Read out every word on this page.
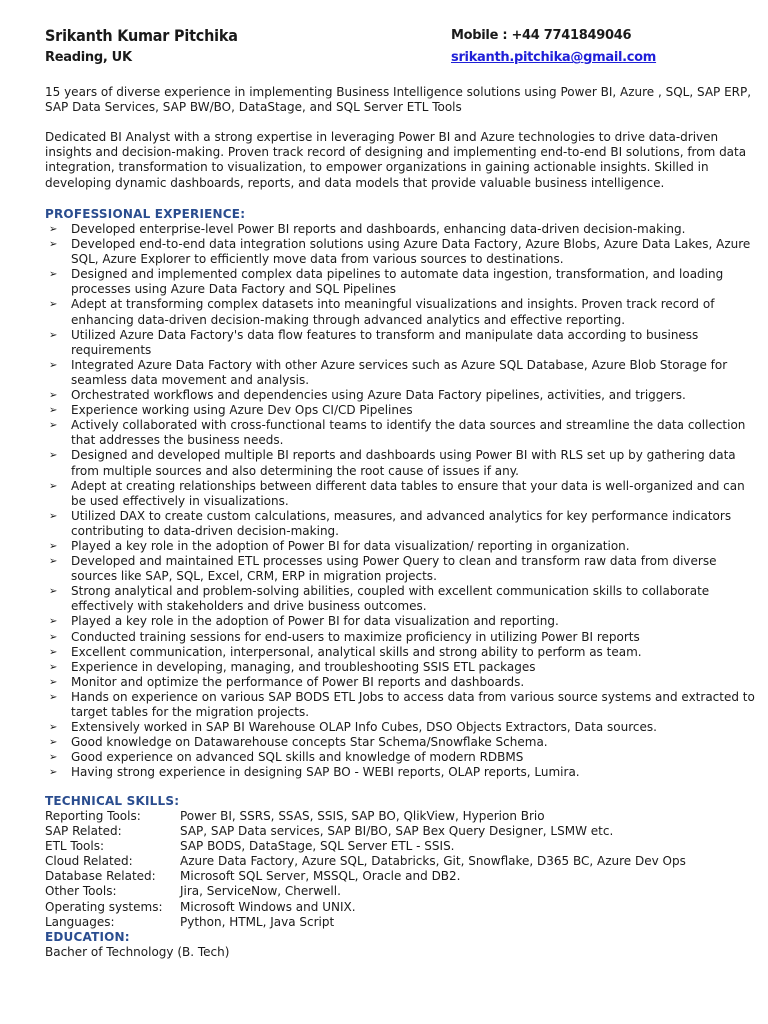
Srikanth Kumar Pitchika	Mobile : +44 7741849046
Reading, UK	srikanth.pitchika@gmail.com
15 years of diverse experience in implementing Business Intelligence solutions using Power BI, Azure , SQL, SAP ERP, SAP Data Services, SAP BW/BO, DataStage, and SQL Server ETL Tools
Dedicated BI Analyst with a strong expertise in leveraging Power BI and Azure technologies to drive data-driven insights and decision-making. Proven track record of designing and implementing end-to-end BI solutions, from data integration, transformation to visualization, to empower organizations in gaining actionable insights. Skilled in developing dynamic dashboards, reports, and data models that provide valuable business intelligence.
PROFESSIONAL EXPERIENCE:
➢ Developed enterprise-level Power BI reports and dashboards, enhancing data-driven decision-making.
➢ Developed end-to-end data integration solutions using Azure Data Factory, Azure Blobs, Azure Data Lakes, Azure SQL, Azure Explorer to efficiently move data from various sources to destinations.
➢ Designed and implemented complex data pipelines to automate data ingestion, transformation, and loading processes using Azure Data Factory and SQL Pipelines
➢ Adept at transforming complex datasets into meaningful visualizations and insights. Proven track record of enhancing data-driven decision-making through advanced analytics and effective reporting.
➢ Utilized Azure Data Factory's data flow features to transform and manipulate data according to business requirements
➢ Integrated Azure Data Factory with other Azure services such as Azure SQL Database, Azure Blob Storage for seamless data movement and analysis.
➢ Orchestrated workflows and dependencies using Azure Data Factory pipelines, activities, and triggers.
➢ Experience working using Azure Dev Ops CI/CD Pipelines
➢ Actively collaborated with cross-functional teams to identify the data sources and streamline the data collection that addresses the business needs.
➢ Designed and developed multiple BI reports and dashboards using Power BI with RLS set up by gathering data from multiple sources and also determining the root cause of issues if any.
➢ Adept at creating relationships between different data tables to ensure that your data is well-organized and can be used effectively in visualizations.
➢ Utilized DAX to create custom calculations, measures, and advanced analytics for key performance indicators contributing to data-driven decision-making.
➢ Played a key role in the adoption of Power BI for data visualization/ reporting in organization.
➢ Developed and maintained ETL processes using Power Query to clean and transform raw data from diverse sources like SAP, SQL, Excel, CRM, ERP in migration projects.
➢ Strong analytical and problem-solving abilities, coupled with excellent communication skills to collaborate effectively with stakeholders and drive business outcomes.
➢ Played a key role in the adoption of Power BI for data visualization and reporting.
➢ Conducted training sessions for end-users to maximize proficiency in utilizing Power BI reports
➢ Excellent communication, interpersonal, analytical skills and strong ability to perform as team.
➢ Experience in developing, managing, and troubleshooting SSIS ETL packages
➢ Monitor and optimize the performance of Power BI reports and dashboards.
➢ Hands on experience on various SAP BODS ETL Jobs to access data from various source systems and extracted to target tables for the migration projects.
➢ Extensively worked in SAP BI Warehouse OLAP Info Cubes, DSO Objects Extractors, Data sources.
➢ Good knowledge on Datawarehouse concepts Star Schema/Snowflake Schema.
➢ Good experience on advanced SQL skills and knowledge of modern RDBMS
➢ Having strong experience in designing SAP BO - WEBI reports, OLAP reports, Lumira.
TECHNICAL SKILLS:
Reporting Tools:	Power BI, SSRS, SSAS, SSIS, SAP BO, QlikView, Hyperion Brio
SAP Related:	SAP, SAP Data services, SAP BI/BO, SAP Bex Query Designer, LSMW etc.
ETL Tools:	SAP BODS, DataStage, SQL Server ETL - SSIS.
Cloud Related:	Azure Data Factory, Azure SQL, Databricks, Git, Snowflake, D365 BC, Azure Dev Ops
Database Related:	Microsoft SQL Server, MSSQL, Oracle and DB2.
Other Tools:	Jira, ServiceNow, Cherwell.
Operating systems:	Microsoft Windows and UNIX.
Languages:	Python, HTML, Java Script
EDUCATION:
Bacher of Technology (B. Tech)
